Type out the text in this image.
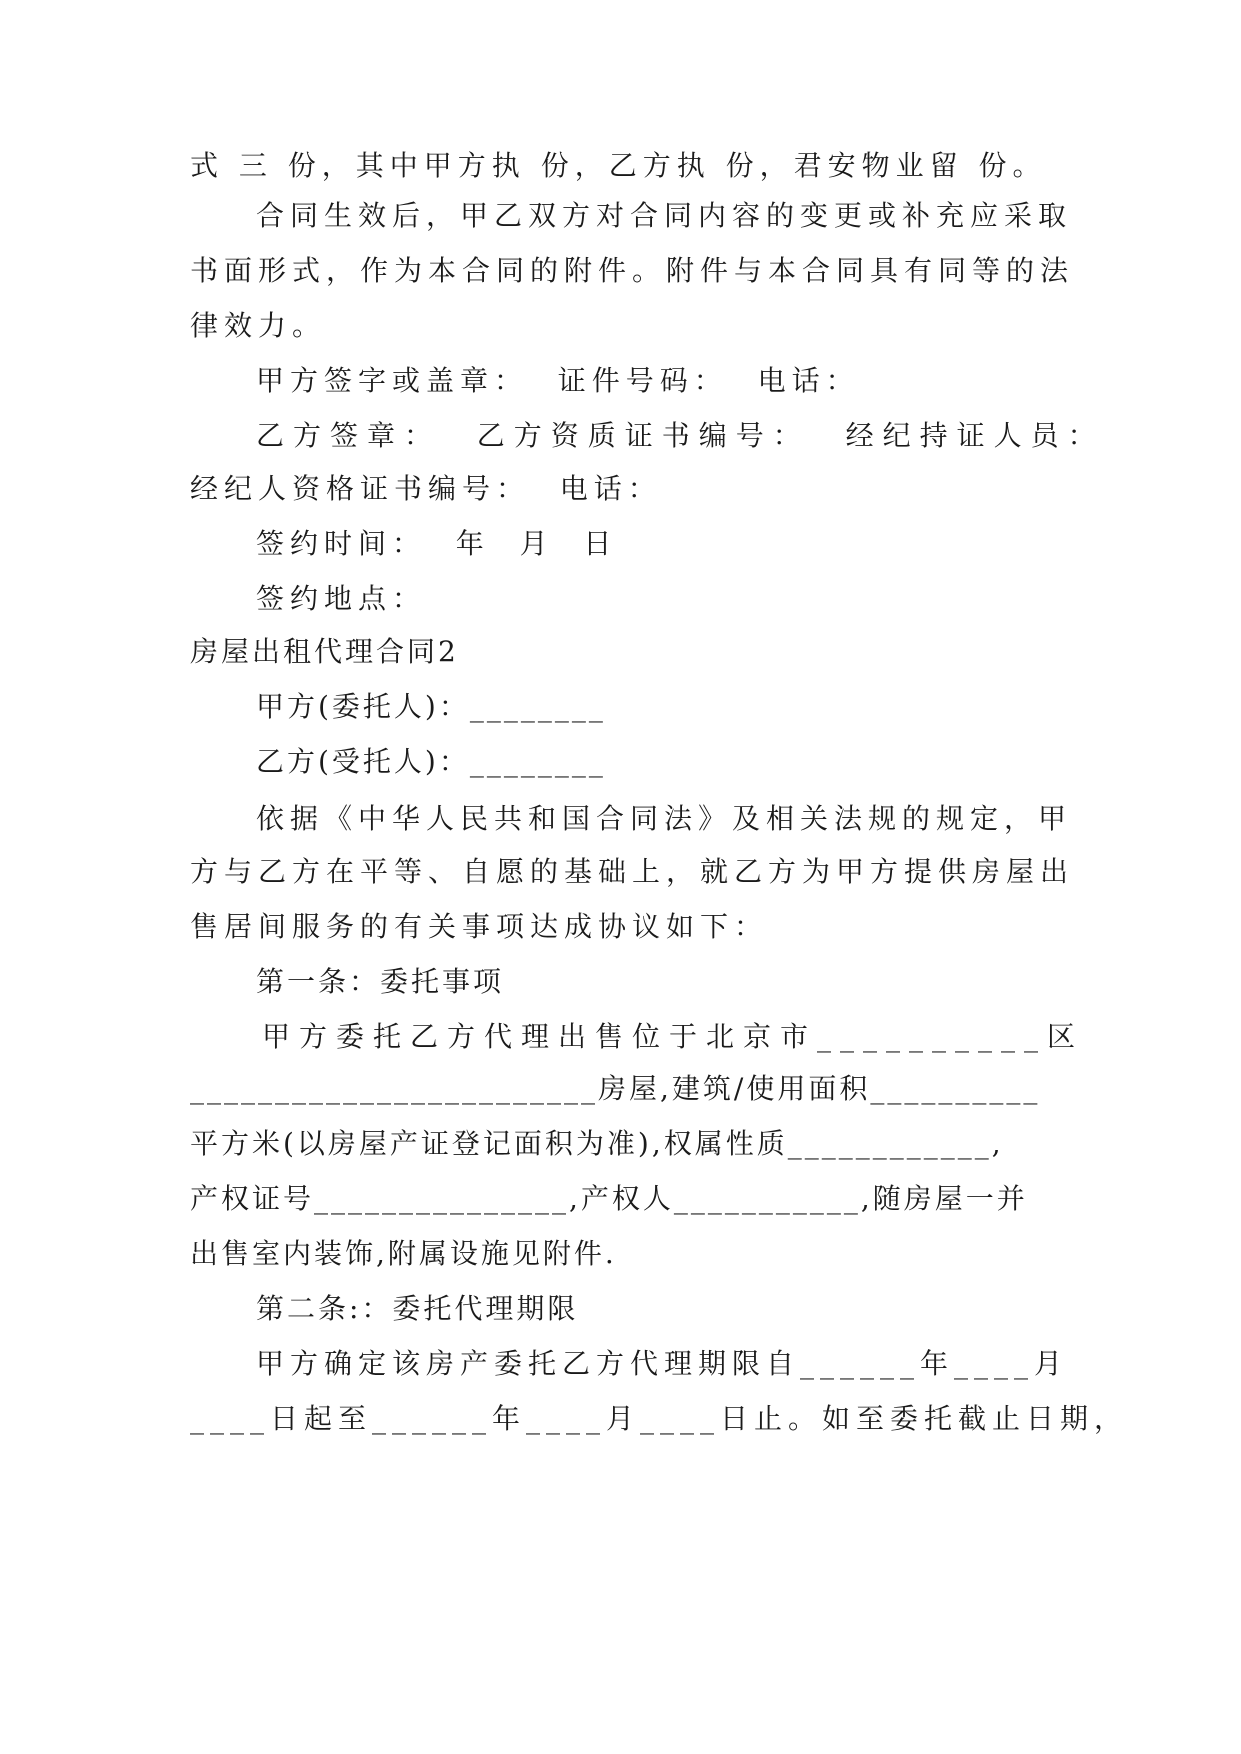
式 三 份，其中甲方执 份，乙方执 份，君安物业留 份。
合同生效后，甲乙双方对合同内容的变更或补充应采取
书面形式，作为本合同的附件。附件与本合同具有同等的法
律效力。
甲方签字或盖章：  证件号码：  电话：
乙方签章：  乙方资质证书编号：  经纪持证人员：
经纪人资格证书编号：  电话：
签约时间：  年  月  日
签约地点：
房屋出租代理合同2
甲方(委托人)：________
乙方(受托人)：________
依据《中华人民共和国合同法》及相关法规的规定，甲
方与乙方在平等、自愿的基础上，就乙方为甲方提供房屋出
售居间服务的有关事项达成协议如下：
第一条：委托事项
甲方委托乙方代理出售位于北京市__________区
________________________房屋,建筑/使用面积__________
平方米(以房屋产证登记面积为准),权属性质____________,
产权证号_______________,产权人___________,随房屋一并
出售室内装饰,附属设施见附件.
第二条:：委托代理期限
甲方确定该房产委托乙方代理期限自______年____月
____日起至______年____月____日止。如至委托截止日期，
